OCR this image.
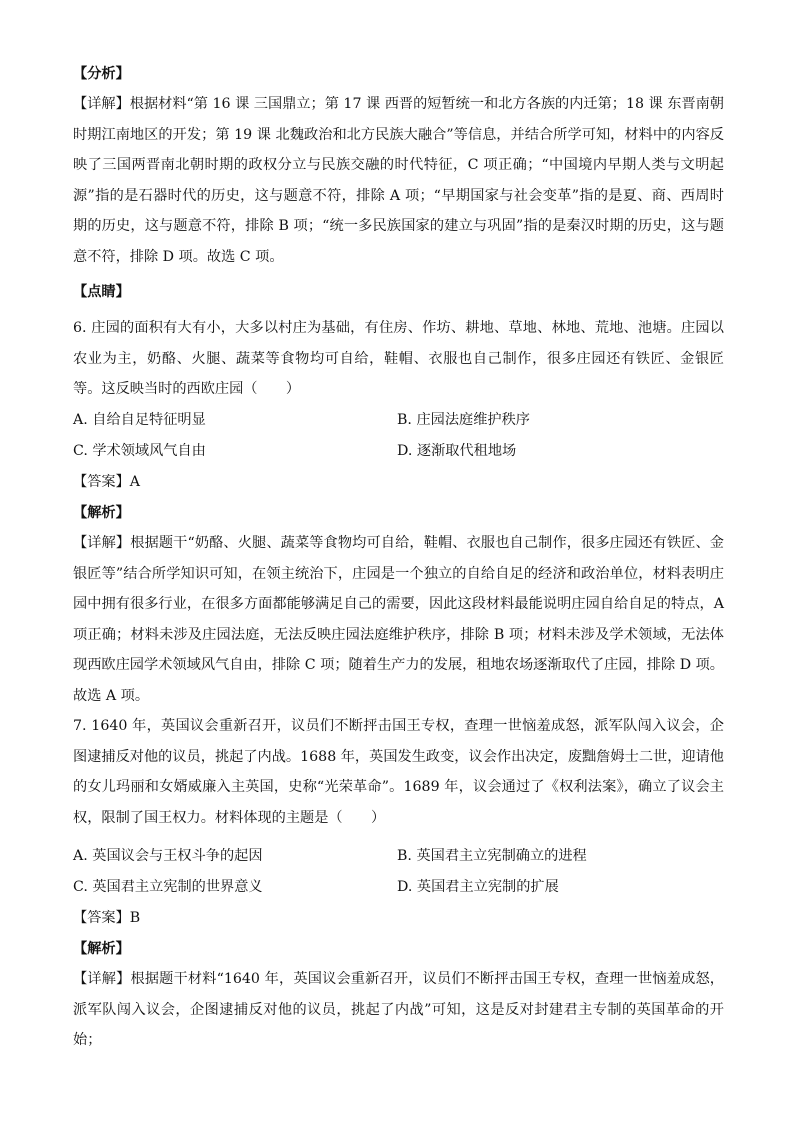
【分析】

【详解】根据材料“第 16 课 三国鼎立；第 17 课 西晋的短暂统一和北方各族的内迁第；18 课 东晋南朝时期江南地区的开发；第 19 课 北魏政治和北方民族大融合”等信息，并结合所学可知，材料中的内容反映了三国两晋南北朝时期的政权分立与民族交融的时代特征，C 项正确；“中国境内早期人类与文明起源”指的是石器时代的历史，这与题意不符，排除 A 项；“早期国家与社会变革”指的是夏、商、西周时期的历史，这与题意不符，排除 B 项；“统一多民族国家的建立与巩固”指的是秦汉时期的历史，这与题意不符，排除 D 项。故选 C 项。

【点睛】

6. 庄园的面积有大有小，大多以村庄为基础，有住房、作坊、耕地、草地、林地、荒地、池塘。庄园以农业为主，奶酪、火腿、蔬菜等食物均可自给，鞋帽、衣服也自己制作，很多庄园还有铁匠、金银匠等。这反映当时的西欧庄园（　　）

A. 自给自足特征明显	B. 庄园法庭维护秩序
C. 学术领域风气自由	D. 逐渐取代租地场
【答案】A
【解析】

【详解】根据题干“奶酪、火腿、蔬菜等食物均可自给，鞋帽、衣服也自己制作，很多庄园还有铁匠、金银匠等”结合所学知识可知，在领主统治下，庄园是一个独立的自给自足的经济和政治单位，材料表明庄园中拥有很多行业，在很多方面都能够满足自己的需要，因此这段材料最能说明庄园自给自足的特点，A 项正确；材料未涉及庄园法庭，无法反映庄园法庭维护秩序，排除 B 项；材料未涉及学术领域，无法体现西欧庄园学术领域风气自由，排除 C 项；随着生产力的发展，租地农场逐渐取代了庄园，排除 D 项。故选 A 项。

7. 1640 年，英国议会重新召开，议员们不断抨击国王专权，查理一世恼羞成怒，派军队闯入议会，企图逮捕反对他的议员，挑起了内战。1688 年，英国发生政变，议会作出决定，废黜詹姆士二世，迎请他的女儿玛丽和女婿威廉入主英国，史称“光荣革命”。1689 年，议会通过了《权利法案》，确立了议会主权，限制了国王权力。材料体现的主题是（　　）

A. 英国议会与王权斗争的起因	B. 英国君主立宪制确立的进程
C. 英国君主立宪制的世界意义	D. 英国君主立宪制的扩展
【答案】B
【解析】

【详解】根据题干材料“1640 年，英国议会重新召开，议员们不断抨击国王专权，查理一世恼羞成怒，派军队闯入议会，企图逮捕反对他的议员，挑起了内战”可知，这是反对封建君主专制的英国革命的开始；
